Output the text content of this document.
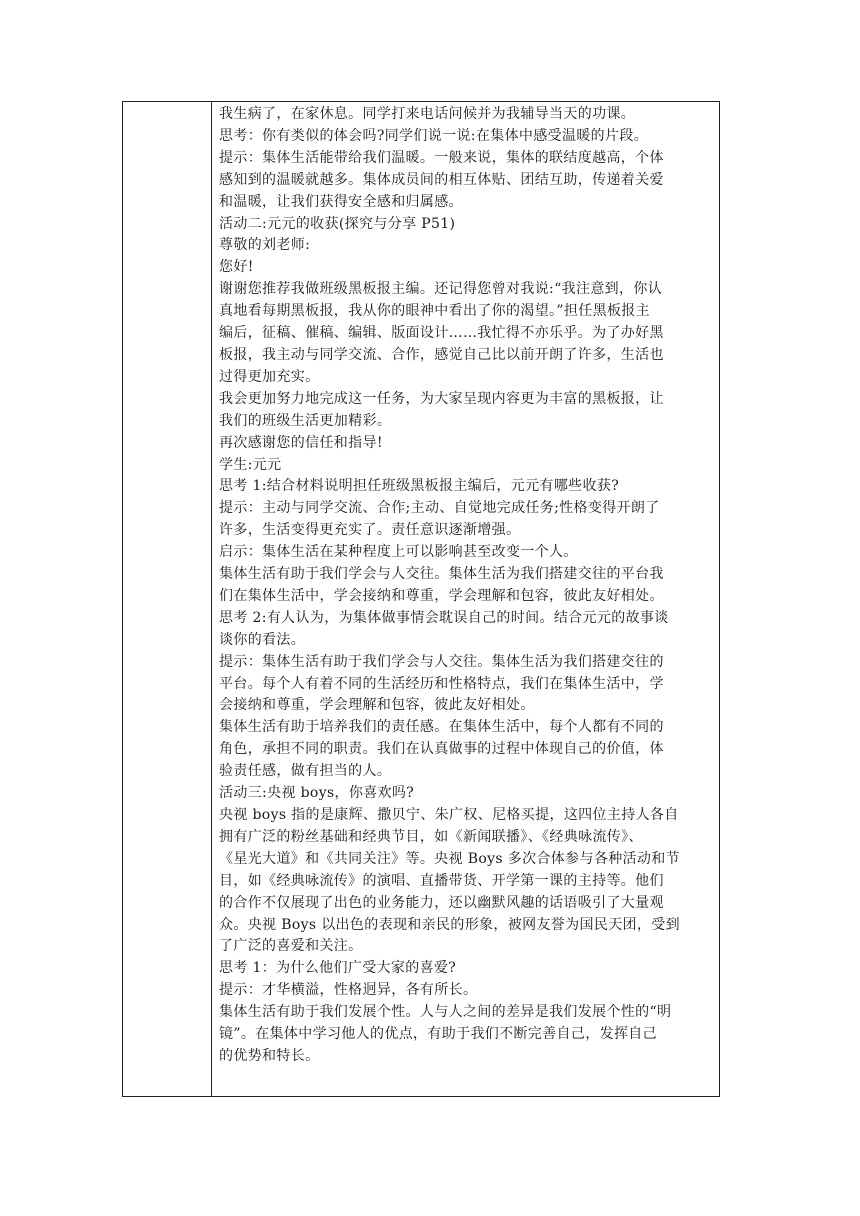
我生病了，在家休息。同学打来电话问候并为我辅导当天的功课。
思考：你有类似的体会吗?同学们说一说:在集体中感受温暖的片段。
提示：集体生活能带给我们温暖。一般来说，集体的联结度越高，个体
感知到的温暖就越多。集体成员间的相互体贴、团结互助，传递着关爱
和温暖，让我们获得安全感和归属感。
活动二:元元的收获(探究与分享 P51)
尊敬的刘老师:
您好!
谢谢您推荐我做班级黑板报主编。还记得您曾对我说:“我注意到，你认
真地看每期黑板报，我从你的眼神中看出了你的渴望。”担任黑板报主
编后，征稿、催稿、编辑、版面设计……我忙得不亦乐乎。为了办好黑
板报，我主动与同学交流、合作，感觉自己比以前开朗了许多，生活也
过得更加充实。
我会更加努力地完成这一任务，为大家呈现内容更为丰富的黑板报，让
我们的班级生活更加精彩。
再次感谢您的信任和指导!
学生:元元
思考 1:结合材料说明担任班级黑板报主编后，元元有哪些收获?
提示：主动与同学交流、合作;主动、自觉地完成任务;性格变得开朗了
许多，生活变得更充实了。责任意识逐渐增强。
启示：集体生活在某种程度上可以影响甚至改变一个人。
集体生活有助于我们学会与人交往。集体生活为我们搭建交往的平台我
们在集体生活中，学会接纳和尊重，学会理解和包容，彼此友好相处。
思考 2:有人认为，为集体做事情会耽误自己的时间。结合元元的故事谈
谈你的看法。
提示：集体生活有助于我们学会与人交往。集体生活为我们搭建交往的
平台。每个人有着不同的生活经历和性格特点，我们在集体生活中，学
会接纳和尊重，学会理解和包容，彼此友好相处。
集体生活有助于培养我们的责任感。在集体生活中，每个人都有不同的
角色，承担不同的职责。我们在认真做事的过程中体现自己的价值，体
验责任感，做有担当的人。
活动三:央视 boys，你喜欢吗?
央视 boys 指的是康辉、撒贝宁、朱广权、尼格买提，这四位主持人各自
拥有广泛的粉丝基础和经典节目，如《新闻联播》、《经典咏流传》、
《星光大道》和《共同关注》等。央视 Boys 多次合体参与各种活动和节
目，如《经典咏流传》的演唱、直播带货、开学第一课的主持等。他们
的合作不仅展现了出色的业务能力，还以幽默风趣的话语吸引了大量观
众。央视 Boys 以出色的表现和亲民的形象，被网友誉为国民天团，受到
了广泛的喜爱和关注。
思考 1：为什么他们广受大家的喜爱?
提示：才华横溢，性格迥异，各有所长。
集体生活有助于我们发展个性。人与人之间的差异是我们发展个性的“明
镜”。在集体中学习他人的优点，有助于我们不断完善自己，发挥自己
的优势和特长。
